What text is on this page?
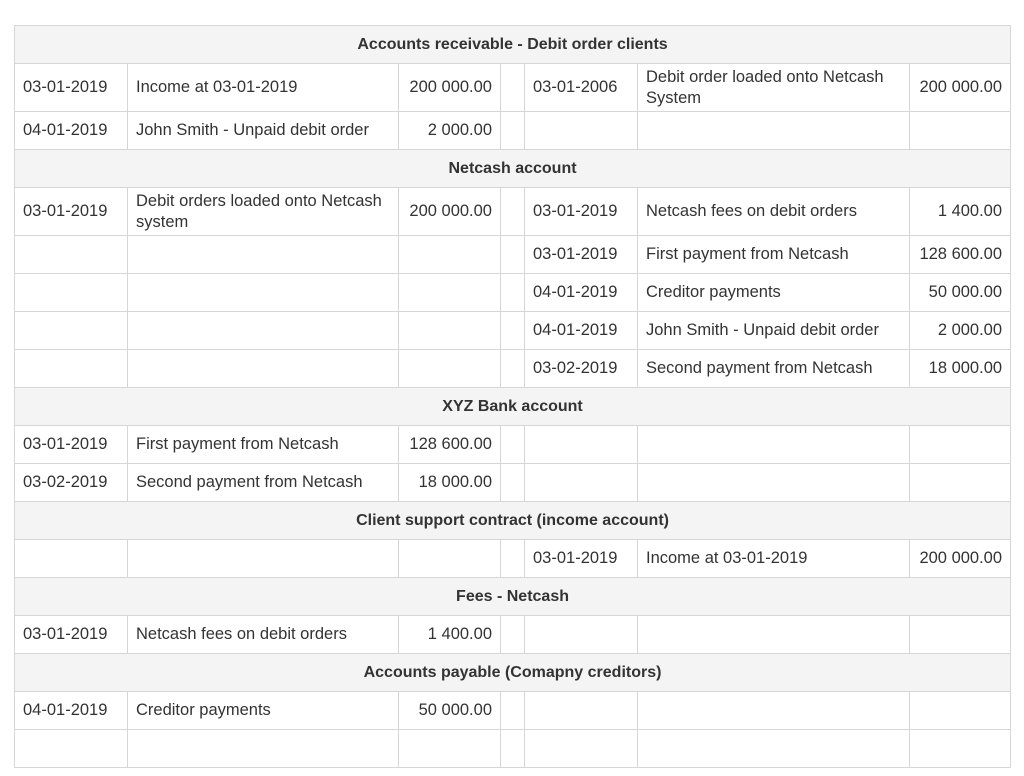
Accounts receivable - Debit order clients						
03-01-2019	Income at 03-01-2019	200 000.00		03-01-2006	Debit order loaded onto Netcash System	200 000.00
04-01-2019	John Smith - Unpaid debit order	2 000.00				
Netcash account						
03-01-2019	Debit orders loaded onto Netcash system	200 000.00		03-01-2019	Netcash fees on debit orders	1 400.00
				03-01-2019	First payment from Netcash	128 600.00
				04-01-2019	Creditor payments	50 000.00
				04-01-2019	John Smith - Unpaid debit order	2 000.00
				03-02-2019	Second payment from Netcash	18 000.00
XYZ Bank account						
03-01-2019	First payment from Netcash	128 600.00				
03-02-2019	Second payment from Netcash	18 000.00				
Client support contract (income account)						
				03-01-2019	Income at 03-01-2019	200 000.00
Fees - Netcash						
03-01-2019	Netcash fees on debit orders	1 400.00				
Accounts payable (Comapny creditors)						
04-01-2019	Creditor payments	50 000.00				
